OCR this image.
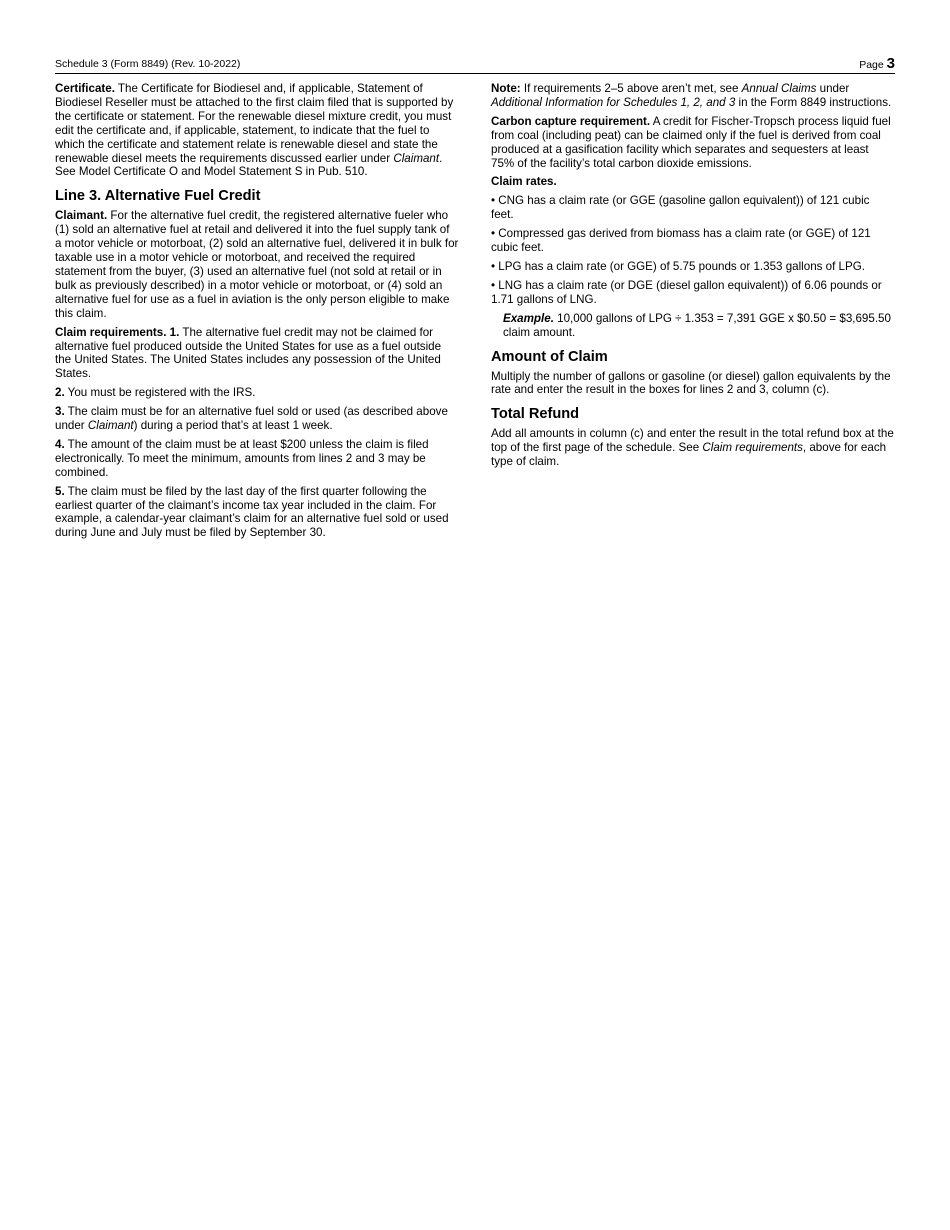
Schedule 3 (Form 8849) (Rev. 10-2022)	Page 3

Certificate. The Certificate for Biodiesel and, if applicable, Statement of Biodiesel Reseller must be attached to the first claim filed that is supported by the certificate or statement. For the renewable diesel mixture credit, you must edit the certificate and, if applicable, statement, to indicate that the fuel to which the certificate and statement relate is renewable diesel and state the renewable diesel meets the requirements discussed earlier under Claimant. See Model Certificate O and Model Statement S in Pub. 510.

Line 3. Alternative Fuel Credit

Claimant. For the alternative fuel credit, the registered alternative fueler who (1) sold an alternative fuel at retail and delivered it into the fuel supply tank of a motor vehicle or motorboat, (2) sold an alternative fuel, delivered it in bulk for taxable use in a motor vehicle or motorboat, and received the required statement from the buyer, (3) used an alternative fuel (not sold at retail or in bulk as previously described) in a motor vehicle or motorboat, or (4) sold an alternative fuel for use as a fuel in aviation is the only person eligible to make this claim.

Claim requirements. 1. The alternative fuel credit may not be claimed for alternative fuel produced outside the United States for use as a fuel outside the United States. The United States includes any possession of the United States.

2. You must be registered with the IRS.

3. The claim must be for an alternative fuel sold or used (as described above under Claimant) during a period that’s at least 1 week.

4. The amount of the claim must be at least $200 unless the claim is filed electronically. To meet the minimum, amounts from lines 2 and 3 may be combined.

5. The claim must be filed by the last day of the first quarter following the earliest quarter of the claimant’s income tax year included in the claim. For example, a calendar-year claimant’s claim for an alternative fuel sold or used during June and July must be filed by September 30.

Note: If requirements 2–5 above aren’t met, see Annual Claims under Additional Information for Schedules 1, 2, and 3 in the Form 8849 instructions.

Carbon capture requirement. A credit for Fischer-Tropsch process liquid fuel from coal (including peat) can be claimed only if the fuel is derived from coal produced at a gasification facility which separates and sequesters at least 75% of the facility’s total carbon dioxide emissions.

Claim rates.

• CNG has a claim rate (or GGE (gasoline gallon equivalent)) of 121 cubic feet.

• Compressed gas derived from biomass has a claim rate (or GGE) of 121 cubic feet.

• LPG has a claim rate (or GGE) of 5.75 pounds or 1.353 gallons of LPG.

• LNG has a claim rate (or DGE (diesel gallon equivalent)) of 6.06 pounds or 1.71 gallons of LNG.

Example. 10,000 gallons of LPG ÷ 1.353 = 7,391 GGE x $0.50 = $3,695.50 claim amount.

Amount of Claim

Multiply the number of gallons or gasoline (or diesel) gallon equivalents by the rate and enter the result in the boxes for lines 2 and 3, column (c).

Total Refund

Add all amounts in column (c) and enter the result in the total refund box at the top of the first page of the schedule. See Claim requirements, above for each type of claim.
